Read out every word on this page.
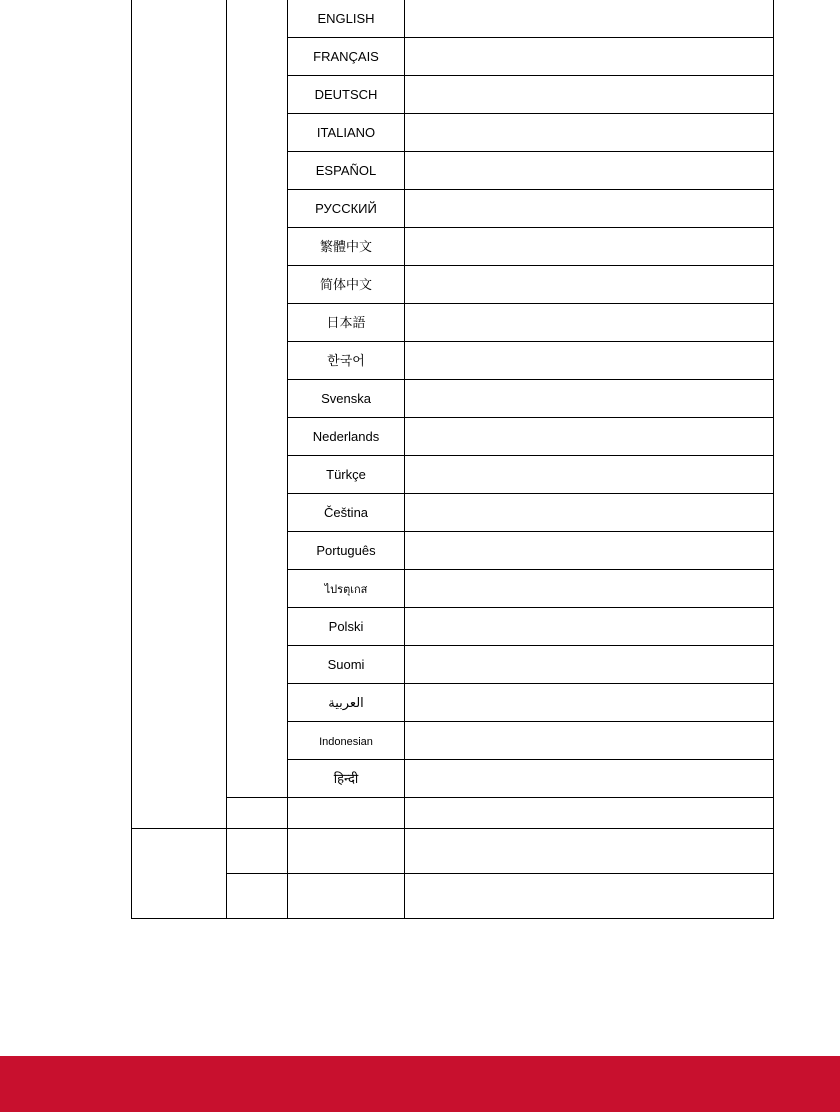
		ENGLISH	
		FRANÇAIS	
		DEUTSCH	
		ITALIANO	
		ESPAÑOL	
		РУССКИЙ	
		繁體中文	
		简体中文	
		日本語	
		한국어	
		Svenska	
		Nederlands	
		Türkçe	
		Čeština	
		Português	
		ไปรตุเกส	
		Polski	
		Suomi	
		العربية	
		Indonesian	
		हिन्दी	
